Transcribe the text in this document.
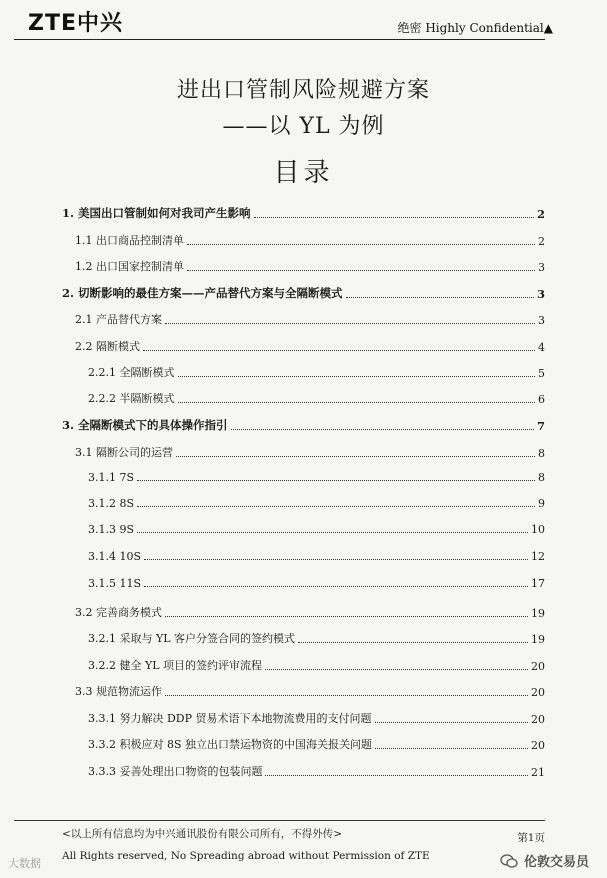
ZTE中兴	绝密 Highly Confidential▲
进出口管制风险规避方案
——以 YL 为例
目录
1. 美国出口管制如何对我司产生影响	2
1.1 出口商品控制清单	2
1.2 出口国家控制清单	3
2. 切断影响的最佳方案——产品替代方案与全隔断模式	3
2.1 产品替代方案	3
2.2 隔断模式	4
2.2.1 全隔断模式	5
2.2.2 半隔断模式	6
3. 全隔断模式下的具体操作指引	7
3.1 隔断公司的运营	8
3.1.1 7S	8
3.1.2 8S	9
3.1.3 9S	10
3.1.4 10S	12
3.1.5 11S	17
3.2 完善商务模式	19
3.2.1 采取与 YL 客户分签合同的签约模式	19
3.2.2 健全 YL 项目的签约评审流程	20
3.3 规范物流运作	20
3.3.1 努力解决 DDP 贸易术语下本地物流费用的支付问题	20
3.3.2 积极应对 8S 独立出口禁运物资的中国海关报关问题	20
3.3.3 妥善处理出口物资的包装问题	21
<以上所有信息均为中兴通讯股份有限公司所有，不得外传>	第1页
All Rights reserved, No Spreading abroad without Permission of ZTE
大数据	伦敦交易员
